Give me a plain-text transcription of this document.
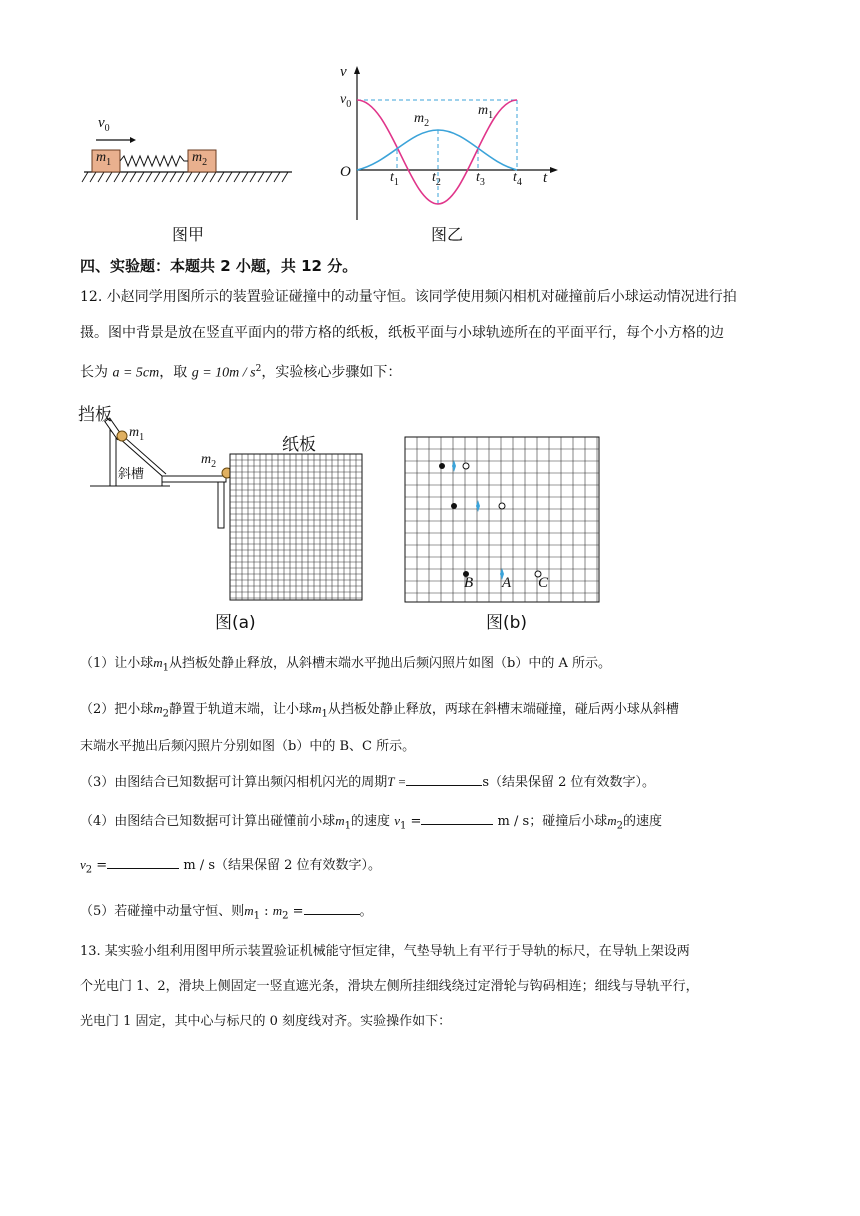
$v_0$
$m_1$	$m_2$
图甲
v
t
O
$v_0$
$m_2$
$m_1$
$t_1$ $t_2$	$t_3$ $t_4$
图乙
四、实验题：本题共 2 小题，共 12 分。
12. 小赵同学用图所示的装置验证碰撞中的动量守恒。该同学使用频闪相机对碰撞前后小球运动情况进行拍
摄。图中背景是放在竖直平面内的带方格的纸板，纸板平面与小球轨迹所在的平面平行，每个小方格的边
长为 a = 5cm，取 $g = 10m / s^2$，实验核心步骤如下：
挡板
纸板
斜槽
$m_1$
$m_2$
图(a)
B A C
图(b)
（1）让小球$m_1$从挡板处静止释放，从斜槽末端水平抛出后频闪照片如图（b）中的 A 所示。
（2）把小球$m_2$静置于轨道末端，让小球$m_1$从挡板处静止释放，两球在斜槽末端碰撞，碰后两小球从斜槽
末端水平抛出后频闪照片分别如图（b）中的 B、C 所示。
（3）由图结合已知数据可计算出频闪相机闪光的周期T =	s（结果保留 2 位有效数字）。
（4）由图结合已知数据可计算出碰懂前小球$m_1$的速度 $v_1$ =	m / s；碰撞后小球$m_2$的速度
$v_2$ =	m / s（结果保留 2 位有效数字）。
（5）若碰撞中动量守恒、则$m_1$ : $m_2$ =	。
13. 某实验小组利用图甲所示装置验证机械能守恒定律，气垫导轨上有平行于导轨的标尺，在导轨上架设两
个光电门 1、2，滑块上侧固定一竖直遮光条，滑块左侧所挂细线绕过定滑轮与钩码相连；细线与导轨平行，
光电门 1 固定，其中心与标尺的 0 刻度线对齐。实验操作如下：
